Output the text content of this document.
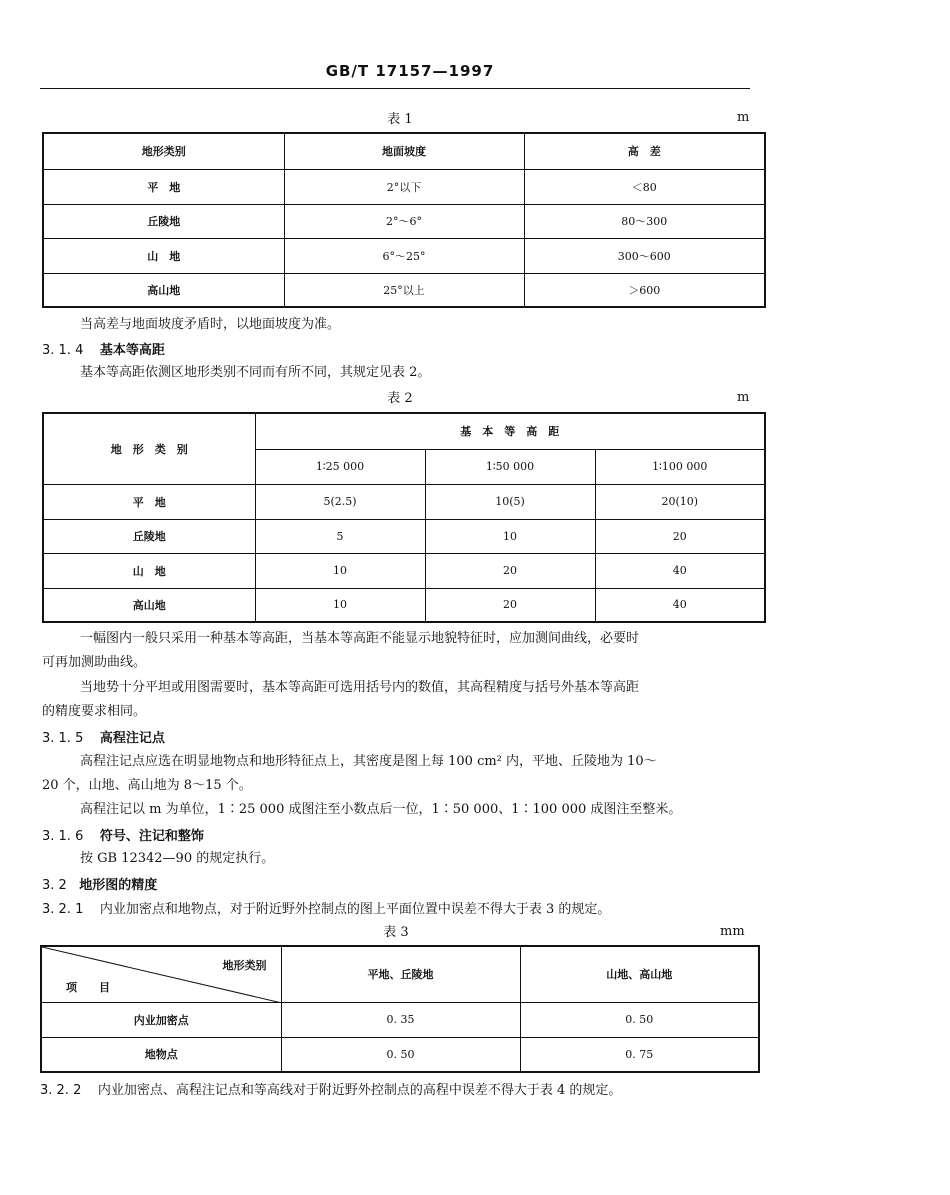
GB/T 17157—1997
表 1	m
地形类别	地面坡度	高　差
平　地	2°以下	＜80
丘陵地	2°～6°	80～300
山　地	6°～25°	300～600
高山地	25°以上	＞600
当高差与地面坡度矛盾时，以地面坡度为准。
3. 1. 4 基本等高距
基本等高距依测区地形类别不同而有所不同，其规定见表 2。
表 2	m
地　形　类　别	基　本　等　高　距		
	1∶25 000	1∶50 000	1∶100 000
平　地	5(2.5)	10(5)	20(10)
丘陵地	5	10	20
山　地	10	20	40
高山地	10	20	40
一幅图内一般只采用一种基本等高距，当基本等高距不能显示地貌特征时，应加测间曲线，必要时
可再加测助曲线。
当地势十分平坦或用图需要时，基本等高距可选用括号内的数值，其高程精度与括号外基本等高距
的精度要求相同。
3. 1. 5 高程注记点
高程注记点应选在明显地物点和地形特征点上，其密度是图上每 100 cm² 内，平地、丘陵地为 10～
20 个，山地、高山地为 8～15 个。
高程注记以 m 为单位，1∶25 000 成图注至小数点后一位，1∶50 000、1∶100 000 成图注至整米。
3. 1. 6 符号、注记和整饰
按 GB 12342—90 的规定执行。
3. 2 地形图的精度
3. 2. 1 内业加密点和地物点，对于附近野外控制点的图上平面位置中误差不得大于表 3 的规定。
表 3	mm
地形类别
项　　目	平地、丘陵地	山地、高山地
内业加密点	0. 35	0. 50
地物点	0. 50	0. 75
3. 2. 2 内业加密点、高程注记点和等高线对于附近野外控制点的高程中误差不得大于表 4 的规定。
